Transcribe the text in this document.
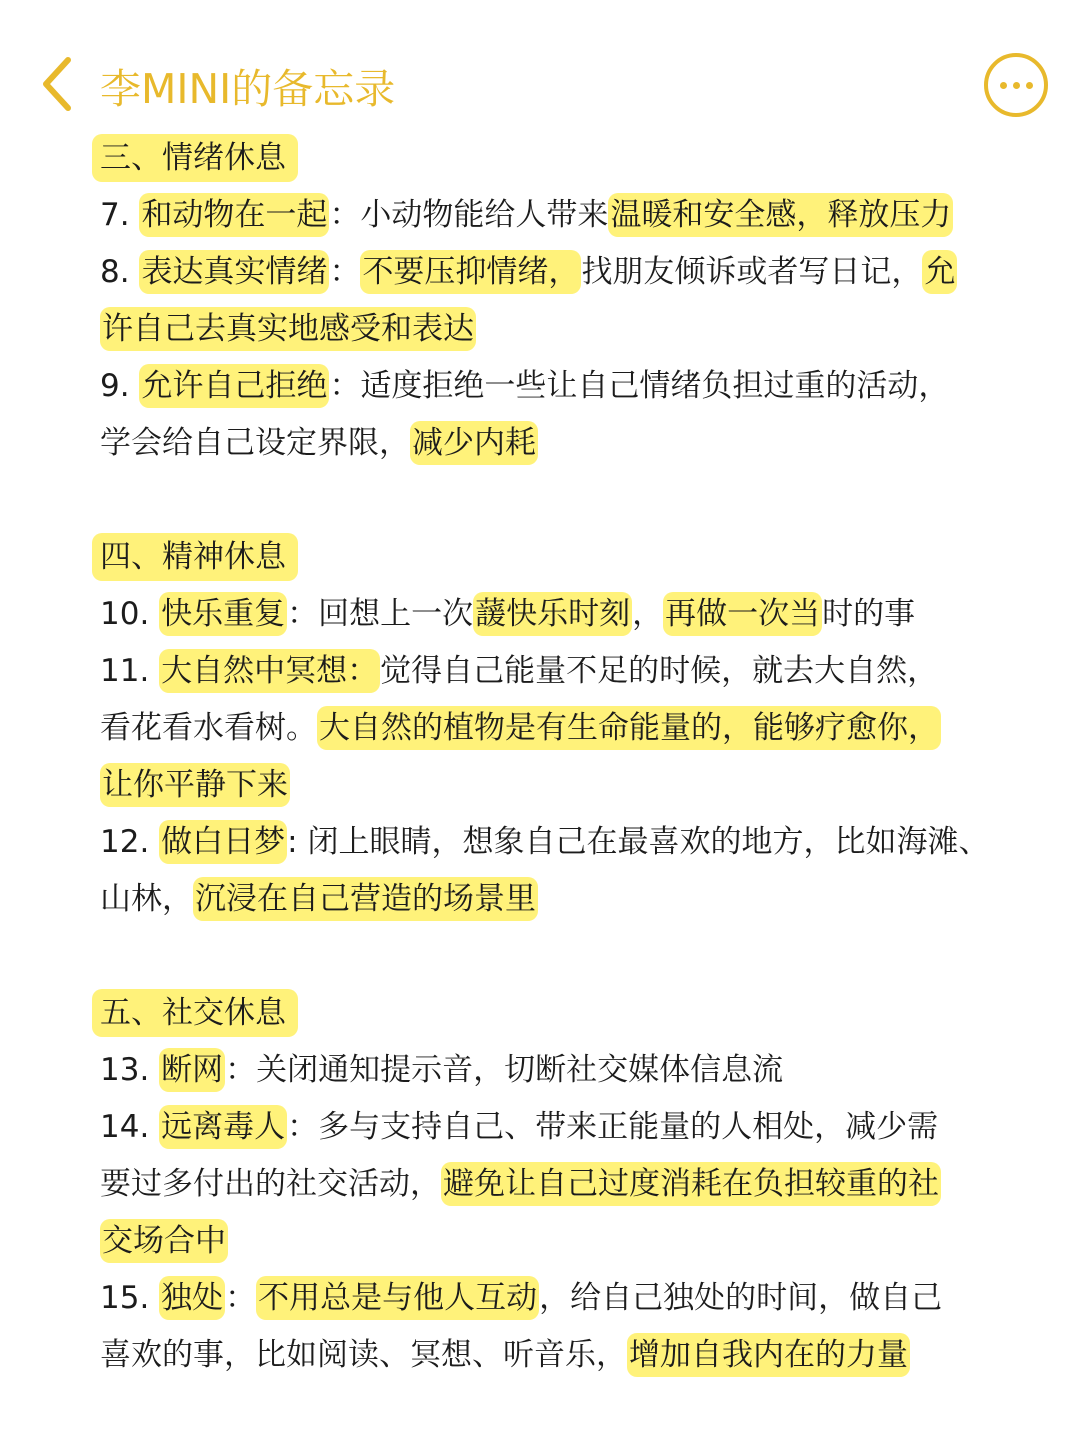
李MINI的备忘录
三、情绪休息
7. 和动物在一起：小动物能给人带来温暖和安全感，释放压力
8. 表达真实情绪：不要压抑情绪，找朋友倾诉或者写日记，允
许自己去真实地感受和表达
9. 允许自己拒绝：适度拒绝一些让自己情绪负担过重的活动，
学会给自己设定界限，减少内耗
四、精神休息
10. 快乐重复：回想上一次蘐快乐时刻，再做一次当时的事
11. 大自然中冥想：觉得自己能量不足的时候，就去大自然，
看花看水看树。大自然的植物是有生命能量的，能够疗愈你，
让你平静下来
12. 做白日梦: 闭上眼睛，想象自己在最喜欢的地方，比如海滩、
山林，沉浸在自己营造的场景里
五、社交休息
13. 断网：关闭通知提示音，切断社交媒体信息流
14. 远离毒人：多与支持自己、带来正能量的人相处，减少需
要过多付出的社交活动，避免让自己过度消耗在负担较重的社
交场合中
15. 独处：不用总是与他人互动，给自己独处的时间，做自己
喜欢的事，比如阅读、冥想、听音乐，增加自我内在的力量
